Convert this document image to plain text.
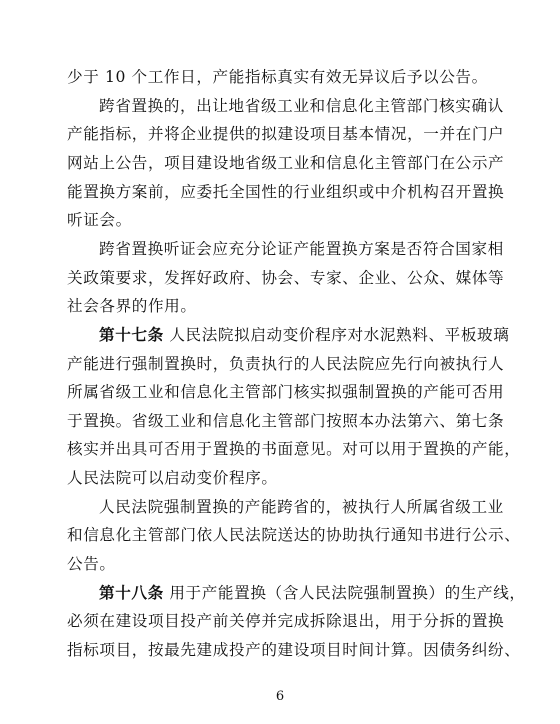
少于 10 个工作日，产能指标真实有效无异议后予以公告。
跨省置换的，出让地省级工业和信息化主管部门核实确认
产能指标，并将企业提供的拟建设项目基本情况，一并在门户
网站上公告，项目建设地省级工业和信息化主管部门在公示产
能置换方案前，应委托全国性的行业组织或中介机构召开置换
听证会。
跨省置换听证会应充分论证产能置换方案是否符合国家相
关政策要求，发挥好政府、协会、专家、企业、公众、媒体等
社会各界的作用。
第十七条 人民法院拟启动变价程序对水泥熟料、平板玻璃
产能进行强制置换时，负责执行的人民法院应先行向被执行人
所属省级工业和信息化主管部门核实拟强制置换的产能可否用
于置换。省级工业和信息化主管部门按照本办法第六、第七条
核实并出具可否用于置换的书面意见。对可以用于置换的产能，
人民法院可以启动变价程序。
人民法院强制置换的产能跨省的，被执行人所属省级工业
和信息化主管部门依人民法院送达的协助执行通知书进行公示、
公告。
第十八条 用于产能置换（含人民法院强制置换）的生产线，
必须在建设项目投产前关停并完成拆除退出，用于分拆的置换
指标项目，按最先建成投产的建设项目时间计算。因债务纠纷、
6
